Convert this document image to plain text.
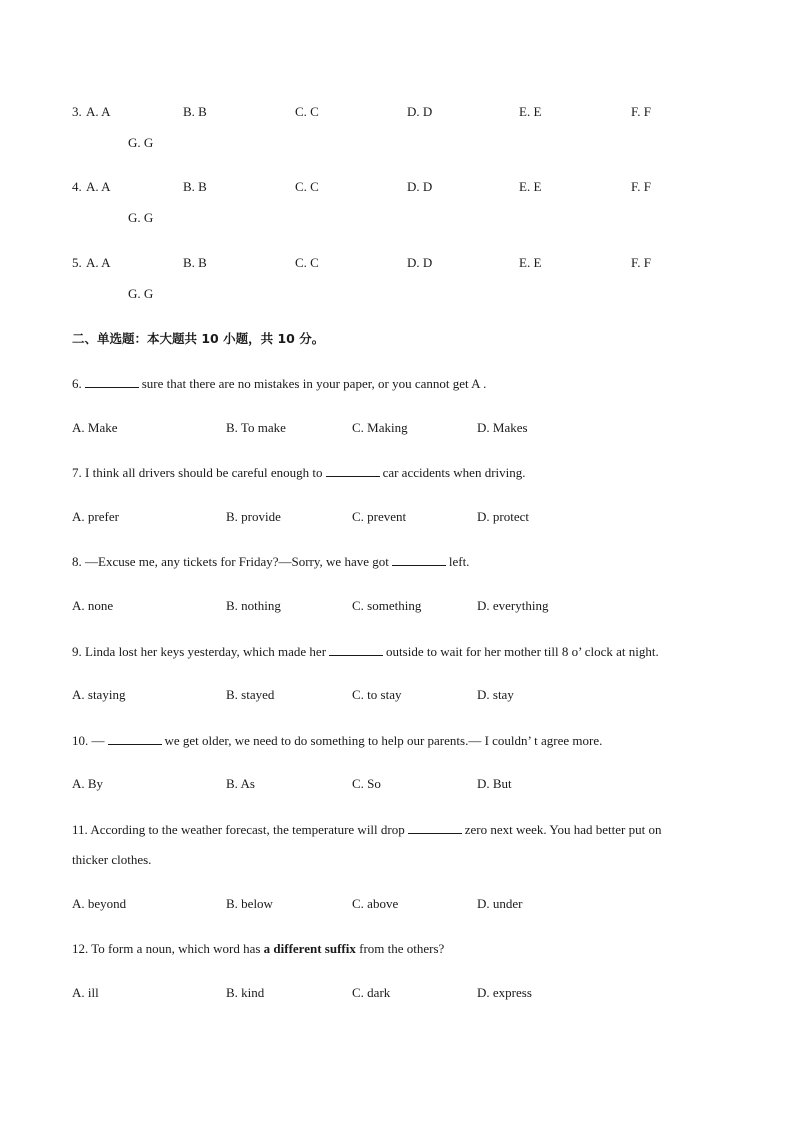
3. A. A	B. B	C. C	D. D	E. E	F. F
G. G
4. A. A	B. B	C. C	D. D	E. E	F. F
G. G
5. A. A	B. B	C. C	D. D	E. E	F. F
G. G
二、单选题：本大题共 10 小题，共 10 分。
6.	sure that there are no mistakes in your paper, or you cannot get A .
A. Make	B. To make	C. Making	D. Makes
7. I think all drivers should be careful enough to	car accidents when driving.
A. prefer	B. provide	C. prevent	D. protect
8. —Excuse me, any tickets for Friday?—Sorry, we have got	left.
A. none	B. nothing	C. something	D. everything
9. Linda lost her keys yesterday, which made her	outside to wait for her mother till 8 o’ clock at night.
A. staying	B. stayed	C. to stay	D. stay
10. —	we get older, we need to do something to help our parents.— I couldn’ t agree more.
A. By	B. As	C. So	D. But
11. According to the weather forecast, the temperature will drop	zero next week. You had better put on
thicker clothes.
A. beyond	B. below	C. above	D. under
12. To form a noun, which word has a different suffix from the others?
A. ill	B. kind	C. dark	D. express
